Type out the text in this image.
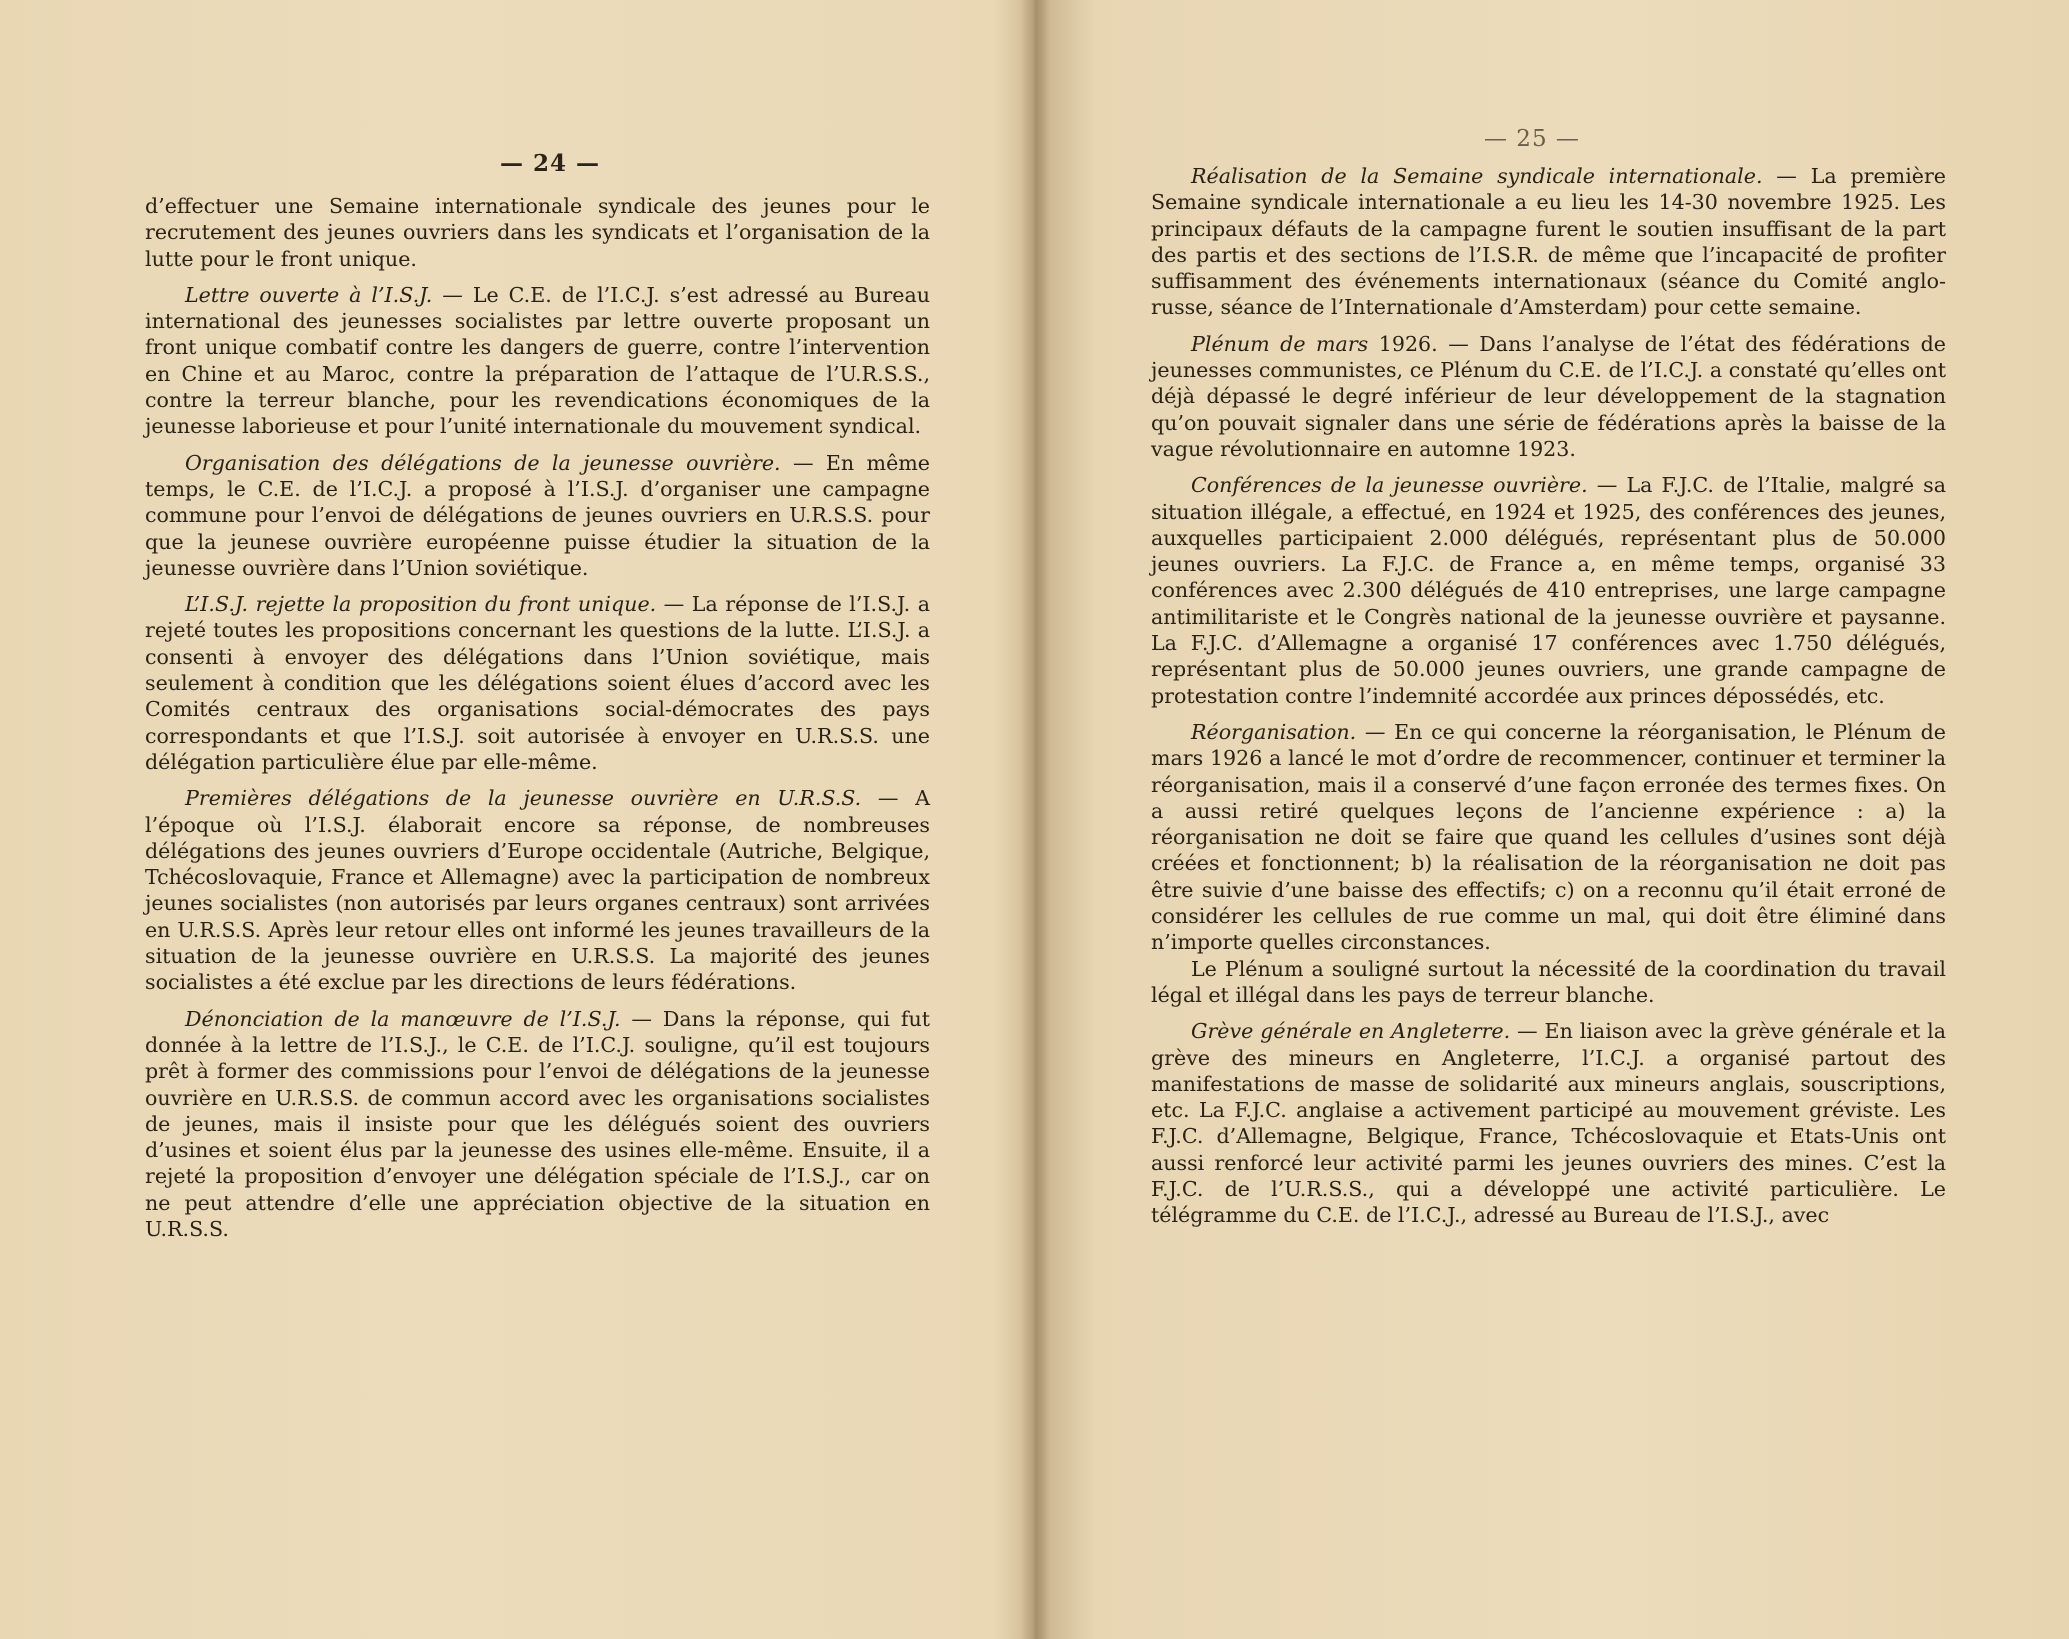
— 24 —

d’effectuer une Semaine internationale syndicale des jeunes pour le recrutement des jeunes ouvriers dans les syndicats et l’organisation de la lutte pour le front unique.

Lettre ouverte à l’I.S.J. — Le C.E. de l’I.C.J. s’est adressé au Bureau international des jeunesses socialistes par lettre ouverte proposant un front unique combatif contre les dangers de guerre, contre l’intervention en Chine et au Maroc, contre la préparation de l’attaque de l’U.R.S.S., contre la terreur blanche, pour les revendications économiques de la jeunesse laborieuse et pour l’unité internationale du mouvement syndical.

Organisation des délégations de la jeunesse ouvrière. — En même temps, le C.E. de l’I.C.J. a proposé à l’I.S.J. d’organiser une campagne commune pour l’envoi de délégations de jeunes ouvriers en U.R.S.S. pour que la jeunese ouvrière européenne puisse étudier la situation de la jeunesse ouvrière dans l’Union soviétique.

L’I.S.J. rejette la proposition du front unique. — La réponse de l’I.S.J. a rejeté toutes les propositions concernant les questions de la lutte. L’I.S.J. a consenti à envoyer des délégations dans l’Union soviétique, mais seulement à condition que les délégations soient élues d’accord avec les Comités centraux des organisations social-démocrates des pays correspondants et que l’I.S.J. soit autorisée à envoyer en U.R.S.S. une délégation particulière élue par elle-même.

Premières délégations de la jeunesse ouvrière en U.R.S.S. — A l’époque où l’I.S.J. élaborait encore sa réponse, de nombreuses délégations des jeunes ouvriers d’Europe occidentale (Autriche, Belgique, Tchécoslovaquie, France et Allemagne) avec la participation de nombreux jeunes socialistes (non autorisés par leurs organes centraux) sont arrivées en U.R.S.S. Après leur retour elles ont informé les jeunes travailleurs de la situation de la jeunesse ouvrière en U.R.S.S. La majorité des jeunes socialistes a été exclue par les directions de leurs fédérations.

Dénonciation de la manœuvre de l’I.S.J. — Dans la réponse, qui fut donnée à la lettre de l’I.S.J., le C.E. de l’I.C.J. souligne, qu’il est toujours prêt à former des commissions pour l’envoi de délégations de la jeunesse ouvrière en U.R.S.S. de commun accord avec les organisations socialistes de jeunes, mais il insiste pour que les délégués soient des ouvriers d’usines et soient élus par la jeunesse des usines elle-même. Ensuite, il a rejeté la proposition d’envoyer une délégation spéciale de l’I.S.J., car on ne peut attendre d’elle une appréciation objective de la situation en U.R.S.S.

— 25 —

Réalisation de la Semaine syndicale internationale. — La première Semaine syndicale internationale a eu lieu les 14-30 novembre 1925. Les principaux défauts de la campagne furent le soutien insuffisant de la part des partis et des sections de l’I.S.R. de même que l’incapacité de profiter suffisamment des événements internationaux (séance du Comité anglo-russe, séance de l’Internationale d’Amsterdam) pour cette semaine.

Plénum de mars 1926. — Dans l’analyse de l’état des fédérations de jeunesses communistes, ce Plénum du C.E. de l’I.C.J. a constaté qu’elles ont déjà dépassé le degré inférieur de leur développement de la stagnation qu’on pouvait signaler dans une série de fédérations après la baisse de la vague révolutionnaire en automne 1923.

Conférences de la jeunesse ouvrière. — La F.J.C. de l’Italie, malgré sa situation illégale, a effectué, en 1924 et 1925, des conférences des jeunes, auxquelles participaient 2.000 délégués, représentant plus de 50.000 jeunes ouvriers. La F.J.C. de France a, en même temps, organisé 33 conférences avec 2.300 délégués de 410 entreprises, une large campagne antimilitariste et le Congrès national de la jeunesse ouvrière et paysanne. La F.J.C. d’Allemagne a organisé 17 conférences avec 1.750 délégués, représentant plus de 50.000 jeunes ouvriers, une grande campagne de protestation contre l’indemnité accordée aux princes dépossédés, etc.

Réorganisation. — En ce qui concerne la réorganisation, le Plénum de mars 1926 a lancé le mot d’ordre de recommencer, continuer et terminer la réorganisation, mais il a conservé d’une façon erronée des termes fixes. On a aussi retiré quelques leçons de l’ancienne expérience : a) la réorganisation ne doit se faire que quand les cellules d’usines sont déjà créées et fonctionnent; b) la réalisation de la réorganisation ne doit pas être suivie d’une baisse des effectifs; c) on a reconnu qu’il était erroné de considérer les cellules de rue comme un mal, qui doit être éliminé dans n’importe quelles circonstances.

Le Plénum a souligné surtout la nécessité de la coordination du travail légal et illégal dans les pays de terreur blanche.

Grève générale en Angleterre. — En liaison avec la grève générale et la grève des mineurs en Angleterre, l’I.C.J. a organisé partout des manifestations de masse de solidarité aux mineurs anglais, souscriptions, etc. La F.J.C. anglaise a activement participé au mouvement gréviste. Les F.J.C. d’Allemagne, Belgique, France, Tchécoslovaquie et Etats-Unis ont aussi renforcé leur activité parmi les jeunes ouvriers des mines. C’est la F.J.C. de l’U.R.S.S., qui a développé une activité particulière. Le télégramme du C.E. de l’I.C.J., adressé au Bureau de l’I.S.J., avec
